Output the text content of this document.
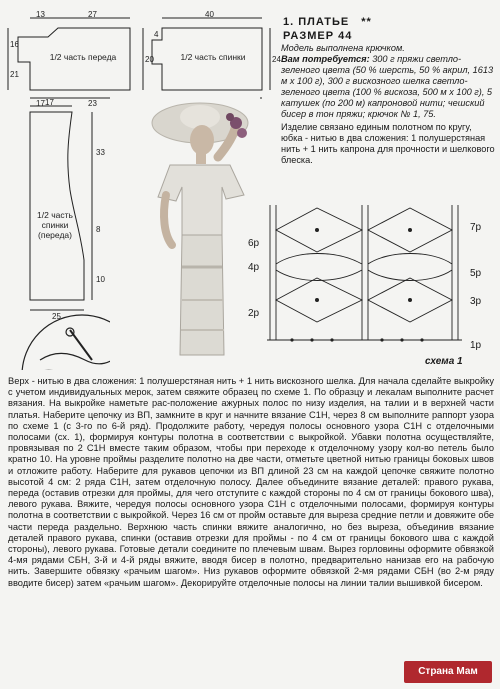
1/2 часть переда
13	27
16
21
17	23
1/2 часть спинки
40
4
20	24
1/2 часть спинки (переда)
17
33
8
10
25
1. ПЛАТЬЕ **
РАЗМЕР 44
Модель выполнена крючком.
Вам потребуется: 300 г пряжи светло-зеленого цвета (50 % шерсть, 50 % акрил, 1613 м х 100 г), 300 г вискозного шелка светло-зеленого цвета (100 % вискоза, 500 м х 100 г), 5 катушек (по 200 м) капроновой нити; чешский бисер в тон пряжи; крючок № 1, 75.
Изделие связано единым полотном по кругу, юбка - нитью в два сложения: 1 полушерстяная нить + 1 нить капрона для прочности и шелкового блеска.
6р
4р
2р
7р
5р
3р
1р
схема 1
Верх - нитью в два сложения: 1 полушерстяная нить + 1 нить вискозного шелка. Для начала сделайте выкройку с учетом индивидуальных мерок, затем свяжите образец по схеме 1. По образцу и лекалам выполните расчет вязания. На выкройке наметьте рас-положение ажурных полос по низу изделия, на талии и в верхней части платья. Наберите цепочку из ВП, замкните в круг и начните вязание С1Н, через 8 см выполните раппорт узора по схеме 1 (с 3-го по 6-й ряд). Продолжите работу, чередуя полосы основного узора С1Н с отделочными полосами (сх. 1), формируя контуры полотна в соответствии с выкройкой. Убавки полотна осуществляйте, провязывая по 2 С1Н вместе таким образом, чтобы при переходе к отделочному узору кол-во петель было кратно 10. На уровне проймы разделите полотно на две части, отметьте цветной нитью границы боковых швов и отложите работу. Наберите для рукавов цепочки из ВП длиной 23 см на каждой цепочке свяжите полотно высотой 4 см: 2 ряда С1Н, затем отделочную полосу. Далее объедините вязание деталей: правого рукава, переда (оставив отрезки для проймы, для чего отступите с каждой стороны по 4 см от границы бокового шва), левого рукава. Вяжите, чередуя полосы основного узора С1Н с отделочными полосами, формируя контуры полотна в соответствии с выкройкой. Через 16 см от пройм оставьте для выреза средние петли и довяжите обе части переда раздельно. Верхнюю часть спинки вяжите аналогично, но без выреза, объединив вязание деталей правого рукава, спинки (оставив отрезки для проймы - по 4 см от границы бокового шва с каждой стороны), левого рукава. Готовые детали соедините по плечевым швам. Вырез горловины оформите обвязкой 4-мя рядами СБН, 3-й и 4-й ряды вяжите, вводя бисер в полотно, предварительно нанизав его на рабочую нить. Завершите обвязку «рачьим шагом». Низ рукавов оформите обвязкой 2-мя рядами СБН (во 2-м ряду вводите бисер) затем «рачьим шагом». Декорируйте отделочные полосы на линии талии вышивкой бисером.
Страна Мам
